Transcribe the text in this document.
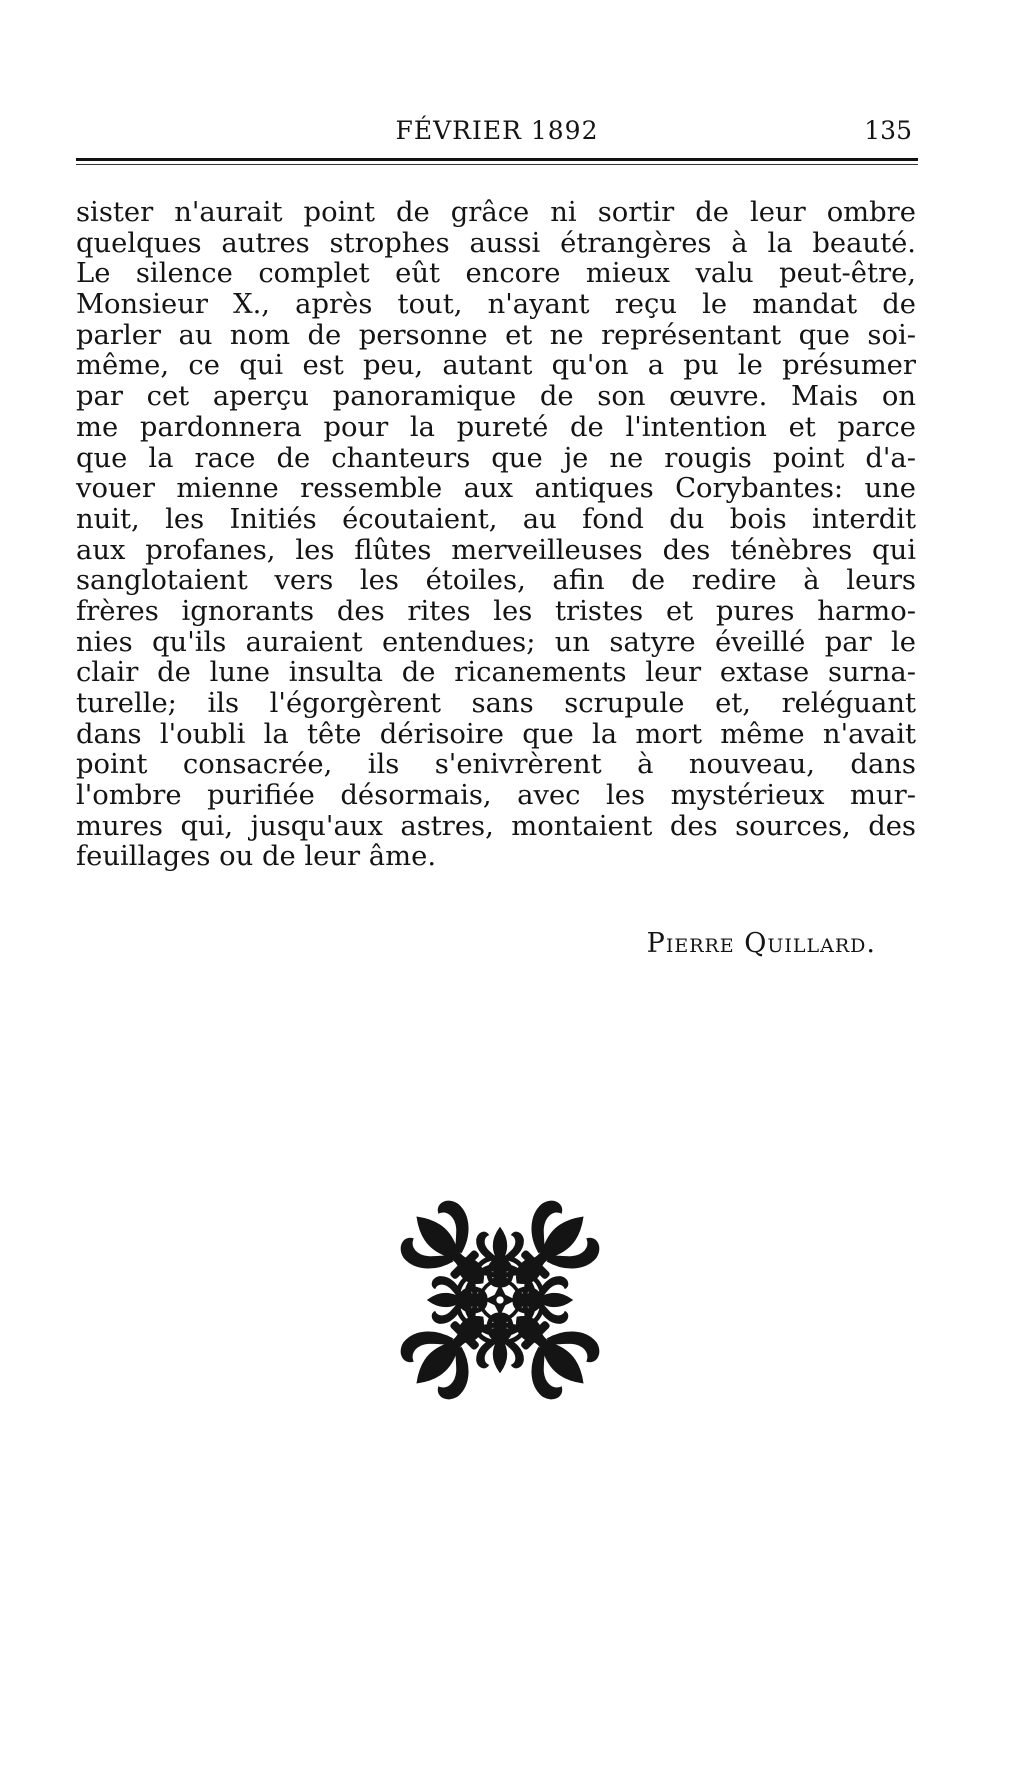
FÉVRIER 1892	135
sister n'aurait point de grâce ni sortir de leur ombre
quelques autres strophes aussi étrangères à la beauté.
Le silence complet eût encore mieux valu peut-être,
Monsieur X., après tout, n'ayant reçu le mandat de
parler au nom de personne et ne représentant que soi-
même, ce qui est peu, autant qu'on a pu le présumer
par cet aperçu panoramique de son œuvre. Mais on
me pardonnera pour la pureté de l'intention et parce
que la race de chanteurs que je ne rougis point d'a-
vouer mienne ressemble aux antiques Corybantes: une
nuit, les Initiés écoutaient, au fond du bois interdit
aux profanes, les flûtes merveilleuses des ténèbres qui
sanglotaient vers les étoiles, afin de redire à leurs
frères ignorants des rites les tristes et pures harmo-
nies qu'ils auraient entendues; un satyre éveillé par le
clair de lune insulta de ricanements leur extase surna-
turelle; ils l'égorgèrent sans scrupule et, reléguant
dans l'oubli la tête dérisoire que la mort même n'avait
point consacrée, ils s'enivrèrent à nouveau, dans
l'ombre purifiée désormais, avec les mystérieux mur-
mures qui, jusqu'aux astres, montaient des sources, des
feuillages ou de leur âme.
Pierre Quillard.
